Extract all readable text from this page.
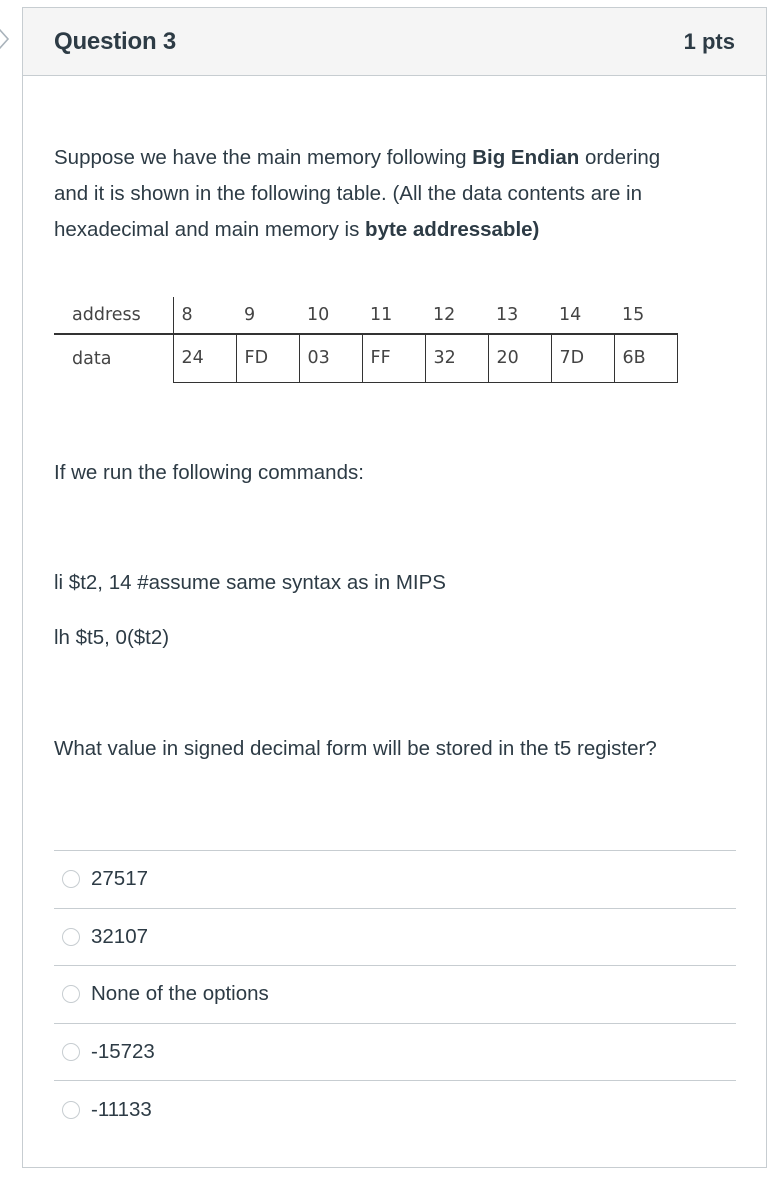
Question 3	1 pts
Suppose we have the main memory following Big Endian ordering and it is shown in the following table. (All the data contents are in hexadecimal and main memory is byte addressable)
address	8	9	10	11	12	13	14	15
data	24	FD	03	FF	32	20	7D	6B
If we run the following commands:
li $t2, 14 #assume same syntax as in MIPS
lh $t5, 0($t2)
What value in signed decimal form will be stored in the t5 register?
27517
32107
None of the options
-15723
-11133
